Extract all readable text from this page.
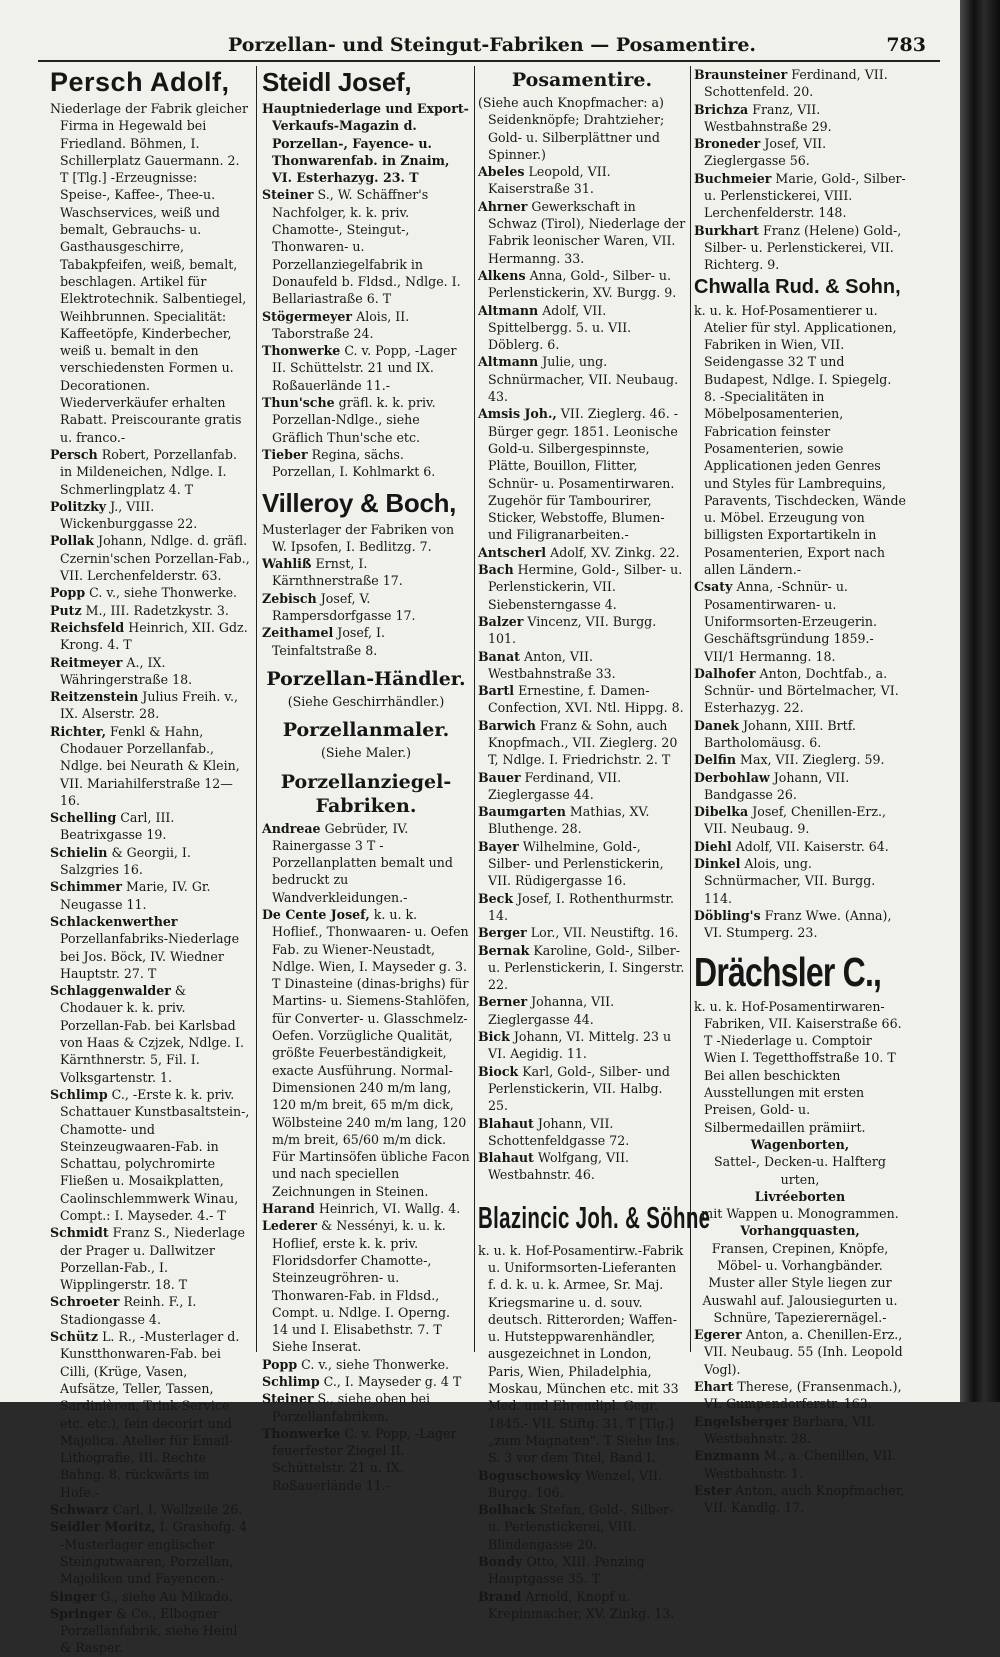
Porzellan- und Steingut-Fabriken — Posamentire.	783
Persch Adolf,

Niederlage der Fabrik gleicher Firma in Hegewald bei Friedland. Böhmen, I. Schillerplatz Gauermann. 2. T [Tlg.] -Erzeugnisse: Speise-, Kaffee-, Thee-u. Waschservices, weiß und bemalt, Gebrauchs- u. Gasthausgeschirre, Tabakpfeifen, weiß, bemalt, beschlagen. Artikel für Elektrotechnik. Salbentiegel, Weihbrunnen. Specialität: Kaffeetöpfe, Kinderbecher, weiß u. bemalt in den verschiedensten Formen u. Decorationen. Wiederverkäufer erhalten Rabatt. Preiscourante gratis u. franco.-

Persch Robert, Porzellanfab. in Mildeneichen, Ndlge. I. Schmerlingplatz 4. T

Politzky J., VIII. Wickenburggasse 22.

Pollak Johann, Ndlge. d. gräfl. Czernin'schen Porzellan-Fab., VII. Lerchenfelderstr. 63.

Popp C. v., siehe Thonwerke.

Putz M., III. Radetzkystr. 3.

Reichsfeld Heinrich, XII. Gdz. Krong. 4. T

Reitmeyer A., IX. Währingerstraße 18.

Reitzenstein Julius Freih. v., IX. Alserstr. 28.

Richter, Fenkl & Hahn, Chodauer Porzellanfab., Ndlge. bei Neurath & Klein, VII. Mariahilferstraße 12—16.

Schelling Carl, III. Beatrixgasse 19.

Schielin & Georgii, I. Salzgries 16.

Schimmer Marie, IV. Gr. Neugasse 11.

Schlackenwerther Porzellanfabriks-Niederlage bei Jos. Böck, IV. Wiedner Hauptstr. 27. T

Schlaggenwalder & Chodauer k. k. priv. Porzellan-Fab. bei Karlsbad von Haas & Czjzek, Ndlge. I. Kärnthnerstr. 5, Fil. I. Volksgartenstr. 1.

Schlimp C., -Erste k. k. priv. Schattauer Kunstbasaltstein-, Chamotte- und Steinzeugwaaren-Fab. in Schattau, polychromirte Fließen u. Mosaikplatten, Caolinschlemmwerk Winau, Compt.: I. Mayseder. 4.- T

Schmidt Franz S., Niederlage der Prager u. Dallwitzer Porzellan-Fab., I. Wipplingerstr. 18. T

Schroeter Reinh. F., I. Stadiongasse 4.

Schütz L. R., -Musterlager d. Kunstthonwaren-Fab. bei Cilli, (Krüge, Vasen, Aufsätze, Teller, Tassen, Sardinièren, Trink-Service etc. etc.), fein decorirt und Majolica. Atelier für Email-Lithografie, III. Rechte Bahng. 8, rückwärts im Hofe.-

Schwarz Carl, I. Wollzeile 26.

Seidler Moritz, I. Grashofg. 4 -Musterlager englischer Steingutwaaren, Porzellan, Majoliken und Fayencen.-

Singer G., siehe Au Mikado.

Springer & Co., Elbogner Porzellanfabrik, siehe Heinl & Rasper.

Steidl Josef,

Hauptniederlage und Export-Verkaufs-Magazin d. Porzellan-, Fayence- u. Thonwarenfab. in Znaim, VI. Esterhazyg. 23. T

Steiner S., W. Schäffner's Nachfolger, k. k. priv. Chamotte-, Steingut-, Thonwaren- u. Porzellanziegelfabrik in Donaufeld b. Fldsd., Ndlge. I. Bellariastraße 6. T

Stögermeyer Alois, II. Taborstraße 24.

Thonwerke C. v. Popp, -Lager II. Schüttelstr. 21 und IX. Roßauerlände 11.-

Thun'sche gräfl. k. k. priv. Porzellan-Ndlge., siehe Gräflich Thun'sche etc.

Tieber Regina, sächs. Porzellan, I. Kohlmarkt 6.

Villeroy & Boch,

Musterlager der Fabriken von W. Ipsofen, I. Bedlitzg. 7.

Wahliß Ernst, I. Kärnthnerstraße 17.

Zebisch Josef, V. Rampersdorfgasse 17.

Zeithamel Josef, I. Teinfaltstraße 8.

Porzellan-Händler.
(Siehe Geschirrhändler.)
Porzellanmaler.
(Siehe Maler.)
Porzellanziegel-Fabriken.

Andreae Gebrüder, IV. Rainergasse 3 T -Porzellanplatten bemalt und bedruckt zu Wandverkleidungen.-

De Cente Josef, k. u. k. Hoflief., Thonwaaren- u. Oefen Fab. zu Wiener-Neustadt, Ndlge. Wien, I. Mayseder g. 3. T Dinasteine (dinas-brighs) für Martins- u. Siemens-Stahlöfen, für Converter- u. Glasschmelz-Oefen. Vorzügliche Qualität, größte Feuerbeständigkeit, exacte Ausführung. Normal-Dimensionen 240 m/m lang, 120 m/m breit, 65 m/m dick, Wölbsteine 240 m/m lang, 120 m/m breit, 65/60 m/m dick. Für Martinsöfen übliche Facon und nach speciellen Zeichnungen in Steinen.

Harand Heinrich, VI. Wallg. 4.

Lederer & Nessényi, k. u. k. Hoflief, erste k. k. priv. Floridsdorfer Chamotte-, Steinzeugröhren- u. Thonwaren-Fab. in Fldsd., Compt. u. Ndlge. I. Operng. 14 und I. Elisabethstr. 7. T Siehe Inserat.

Popp C. v., siehe Thonwerke.

Schlimp C., I. Mayseder g. 4 T

Steiner S., siehe oben bei Porzellanfabriken.

Thonwerke C. v. Popp, -Lager feuerfester Ziegel II. Schüttelstr. 21 u. IX. Roßauerlände 11.-

Posamentire.

(Siehe auch Knopfmacher: a) Seidenknöpfe; Drahtzieher; Gold- u. Silberplättner und Spinner.)

Abeles Leopold, VII. Kaiserstraße 31.

Ahrner Gewerkschaft in Schwaz (Tirol), Niederlage der Fabrik leonischer Waren, VII. Hermanng. 33.

Alkens Anna, Gold-, Silber- u. Perlenstickerin, XV. Burgg. 9.

Altmann Adolf, VII. Spittelbergg. 5. u. VII. Döblerg. 6.

Altmann Julie, ung. Schnürmacher, VII. Neubaug. 43.

Amsis Joh., VII. Zieglerg. 46. -Bürger gegr. 1851. Leonische Gold-u. Silbergespinnste, Plätte, Bouillon, Flitter, Schnür- u. Posamentirwaren. Zugehör für Tambourirer, Sticker, Webstoffe, Blumen- und Filigranarbeiten.-

Antscherl Adolf, XV. Zinkg. 22.

Bach Hermine, Gold-, Silber- u. Perlenstickerin, VII. Siebensterngasse 4.

Balzer Vincenz, VII. Burgg. 101.

Banat Anton, VII. Westbahnstraße 33.

Bartl Ernestine, f. Damen-Confection, XVI. Ntl. Hippg. 8.

Barwich Franz & Sohn, auch Knopfmach., VII. Zieglerg. 20 T, Ndlge. I. Friedrichstr. 2. T

Bauer Ferdinand, VII. Zieglergasse 44.

Baumgarten Mathias, XV. Bluthenge. 28.

Bayer Wilhelmine, Gold-, Silber- und Perlenstickerin, VII. Rüdigergasse 16.

Beck Josef, I. Rothenthurmstr. 14.

Berger Lor., VII. Neustiftg. 16.

Bernak Karoline, Gold-, Silber- u. Perlenstickerin, I. Singerstr. 22.

Berner Johanna, VII. Zieglergasse 44.

Bick Johann, VI. Mittelg. 23 u VI. Aegidig. 11.

Biock Karl, Gold-, Silber- und Perlenstickerin, VII. Halbg. 25.

Blahaut Johann, VII. Schottenfeldgasse 72.

Blahaut Wolfgang, VII. Westbahnstr. 46.

Blazincic Joh. & Söhne

k. u. k. Hof-Posamentirw.-Fabrik u. Uniformsorten-Lieferanten f. d. k. u. k. Armee, Sr. Maj. Kriegsmarine u. d. souv. deutsch. Ritterorden; Waffen- u. Hutsteppwarenhändler, ausgezeichnet in London, Paris, Wien, Philadelphia, Moskau, München etc. mit 33 Med. und Ehrendipl. Gegr. 1845.- VII. Stiftg. 31. T [Tlg.] „zum Magnaten". T Siehe Ins. S. 3 vor dem Titel, Band I.

Boguschowsky Wenzel, VII. Burgg. 106.

Bolhack Stefan, Gold-, Silber- u. Perlenstickerei, VIII. Blindengasse 20.

Bondy Otto, XIII. Penzing Hauptgasse 35. T

Brand Arnold, Knopf u. Krepinmacher, XV. Zinkg. 13.

Braunsteiner Ferdinand, VII. Schottenfeld. 20.

Brichza Franz, VII. Westbahnstraße 29.

Broneder Josef, VII. Zieglergasse 56.

Buchmeier Marie, Gold-, Silber- u. Perlenstickerei, VIII. Lerchenfelderstr. 148.

Burkhart Franz (Helene) Gold-, Silber- u. Perlenstickerei, VII. Richterg. 9.

Chwalla Rud. & Sohn,

k. u. k. Hof-Posamentierer u. Atelier für styl. Applicationen, Fabriken in Wien, VII. Seidengasse 32 T und Budapest, Ndlge. I. Spiegelg. 8. -Specialitäten in Möbelposamenterien, Fabrication feinster Posamenterien, sowie Applicationen jeden Genres und Styles für Lambrequins, Paravents, Tischdecken, Wände u. Möbel. Erzeugung von billigsten Exportartikeln in Posamenterien, Export nach allen Ländern.-

Csaty Anna, -Schnür- u. Posamentirwaren- u. Uniformsorten-Erzeugerin. Geschäftsgründung 1859.- VII/1 Hermanng. 18.

Dalhofer Anton, Dochtfab., a. Schnür- und Börtelmacher, VI. Esterhazyg. 22.

Danek Johann, XIII. Brtf. Bartholomäusg. 6.

Delfin Max, VII. Zieglerg. 59.

Derbohlaw Johann, VII. Bandgasse 26.

Dibelka Josef, Chenillen-Erz., VII. Neubaug. 9.

Diehl Adolf, VII. Kaiserstr. 64.

Dinkel Alois, ung. Schnürmacher, VII. Burgg. 114.

Döbling's Franz Wwe. (Anna), VI. Stumperg. 23.

Drächsler C.,

k. u. k. Hof-Posamentirwaren-Fabriken, VII. Kaiserstraße 66. T -Niederlage u. Comptoir Wien I. Tegetthoffstraße 10. T Bei allen beschickten Ausstellungen mit ersten Preisen, Gold- u. Silbermedaillen prämiirt.

Wagenborten,
Sattel-, Decken-u. Halfterg urten,
Livréeborten
mit Wappen u. Monogrammen.
Vorhangquasten,
Fransen, Crepinen, Knöpfe, Möbel- u. Vorhangbänder. Muster aller Style liegen zur Auswahl auf. Jalousiegurten u. Schnüre, Tapezierernägel.-

Egerer Anton, a. Chenillen-Erz., VII. Neubaug. 55 (Inh. Leopold Vogl).

Ehart Therese, (Fransenmach.), VI. Gumpendorferstr. 163.

Engelsberger Barbara, VII. Westbahnstr. 28.

Enzmann M., a. Chenillen, VII. Westbahnstr. 1.

Ester Anton, auch Knopfmacher, VII. Kandlg. 17.
